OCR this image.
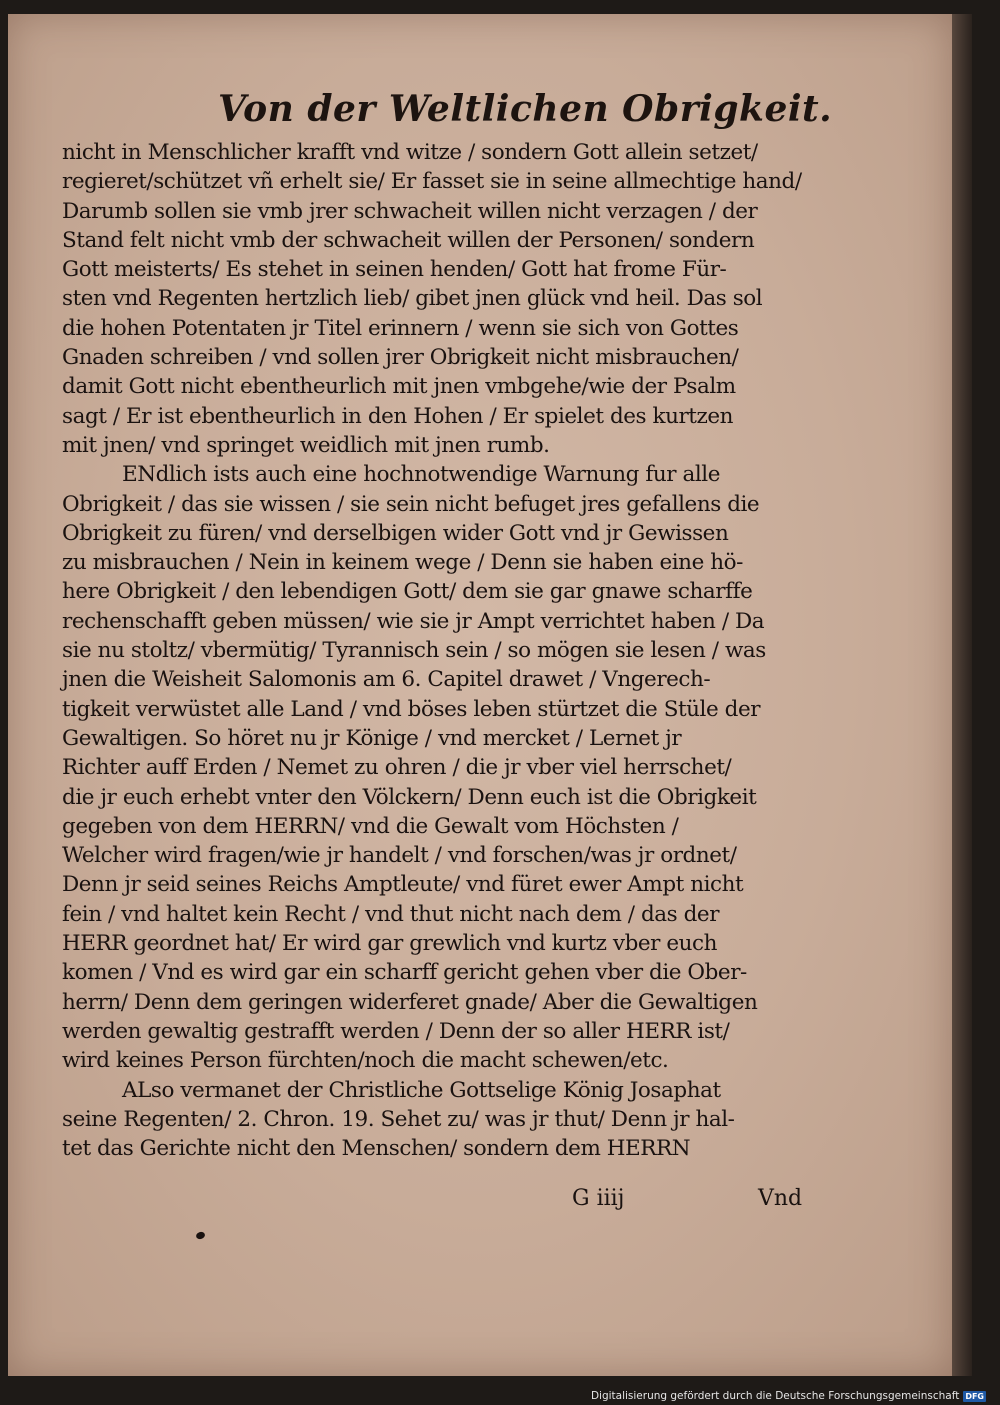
Von der Weltlichen Obrigkeit.
nicht in Menschlicher krafft vnd witze / sondern Gott allein setzet/
regieret/schützet vñ erhelt sie/ Er fasset sie in seine allmechtige hand/
Darumb sollen sie vmb jrer schwacheit willen nicht verzagen / der
Stand felt nicht vmb der schwacheit willen der Personen/ sondern
Gott meisterts/ Es stehet in seinen henden/ Gott hat frome Für-
sten vnd Regenten hertzlich lieb/ gibet jnen glück vnd heil. Das sol
die hohen Potentaten jr Titel erinnern / wenn sie sich von Gottes
Gnaden schreiben / vnd sollen jrer Obrigkeit nicht misbrauchen/
damit Gott nicht ebentheurlich mit jnen vmbgehe/wie der Psalm
sagt / Er ist ebentheurlich in den Hohen / Er spielet des kurtzen
mit jnen/ vnd springet weidlich mit jnen rumb.
ENdlich ists auch eine hochnotwendige Warnung fur alle
Obrigkeit / das sie wissen / sie sein nicht befuget jres gefallens die
Obrigkeit zu füren/ vnd derselbigen wider Gott vnd jr Gewissen
zu misbrauchen / Nein in keinem wege / Denn sie haben eine hö-
here Obrigkeit / den lebendigen Gott/ dem sie gar gnawe scharffe
rechenschafft geben müssen/ wie sie jr Ampt verrichtet haben / Da
sie nu stoltz/ vbermütig/ Tyrannisch sein / so mögen sie lesen / was
jnen die Weisheit Salomonis am 6. Capitel drawet / Vngerech-
tigkeit verwüstet alle Land / vnd böses leben stürtzet die Stüle der
Gewaltigen. So höret nu jr Könige / vnd mercket / Lernet jr
Richter auff Erden / Nemet zu ohren / die jr vber viel herrschet/
die jr euch erhebt vnter den Völckern/ Denn euch ist die Obrigkeit
gegeben von dem HERRN/ vnd die Gewalt vom Höchsten /
Welcher wird fragen/wie jr handelt / vnd forschen/was jr ordnet/
Denn jr seid seines Reichs Amptleute/ vnd füret ewer Ampt nicht
fein / vnd haltet kein Recht / vnd thut nicht nach dem / das der
HERR geordnet hat/ Er wird gar grewlich vnd kurtz vber euch
komen / Vnd es wird gar ein scharff gericht gehen vber die Ober-
herrn/ Denn dem geringen widerferet gnade/ Aber die Gewaltigen
werden gewaltig gestrafft werden / Denn der so aller HERR ist/
wird keines Person fürchten/noch die macht schewen/etc.
ALso vermanet der Christliche Gottselige König Josaphat
seine Regenten/ 2. Chron. 19. Sehet zu/ was jr thut/ Denn jr hal-
tet das Gerichte nicht den Menschen/ sondern dem HERRN
G iiij	Vnd
Digitalisierung gefördert durch die Deutsche Forschungsgemeinschaft DFG
